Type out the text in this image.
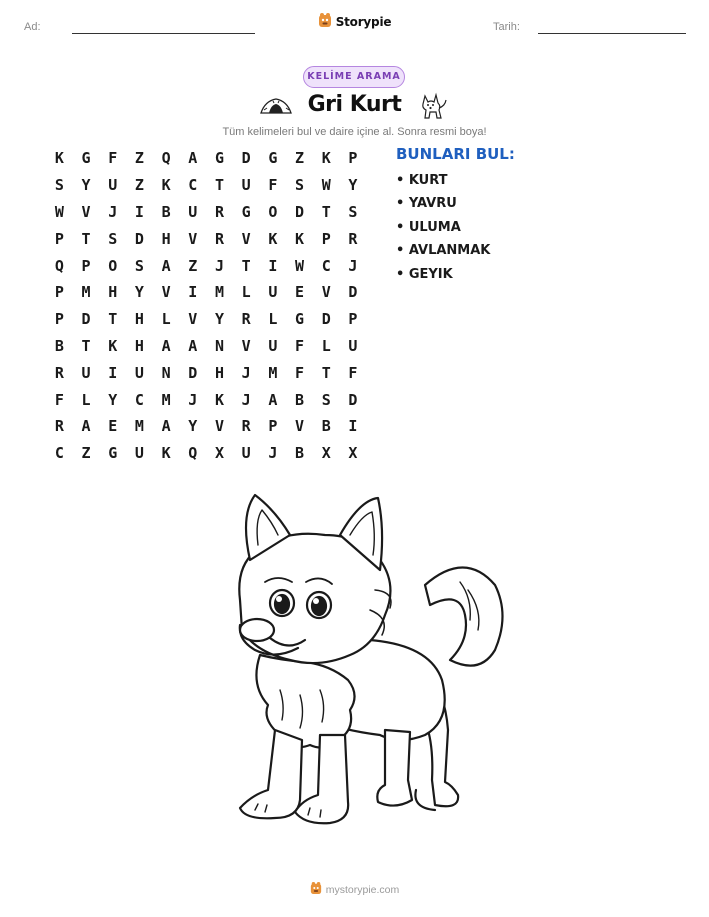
Ad:	Storypie	Tarih:
KELİME ARAMA
Gri Kurt
Tüm kelimeleri bul ve daire içine al. Sonra resmi boya!
K	G	F	Z	Q	A	G	D	G	Z	K	P
S	Y	U	Z	K	C	T	U	F	S	W	Y
W	V	J	I	B	U	R	G	O	D	T	S
P	T	S	D	H	V	R	V	K	K	P	R
Q	P	O	S	A	Z	J	T	I	W	C	J
P	M	H	Y	V	I	M	L	U	E	V	D
P	D	T	H	L	V	Y	R	L	G	D	P
B	T	K	H	A	A	N	V	U	F	L	U
R	U	I	U	N	D	H	J	M	F	T	F
F	L	Y	C	M	J	K	J	A	B	S	D
R	A	E	M	A	Y	V	R	P	V	B	I
C	Z	G	U	K	Q	X	U	J	B	X	X
BUNLARI BUL:
• KURT
• YAVRU
• ULUMA
• AVLANMAK
• GEYIK
mystorypie.com
